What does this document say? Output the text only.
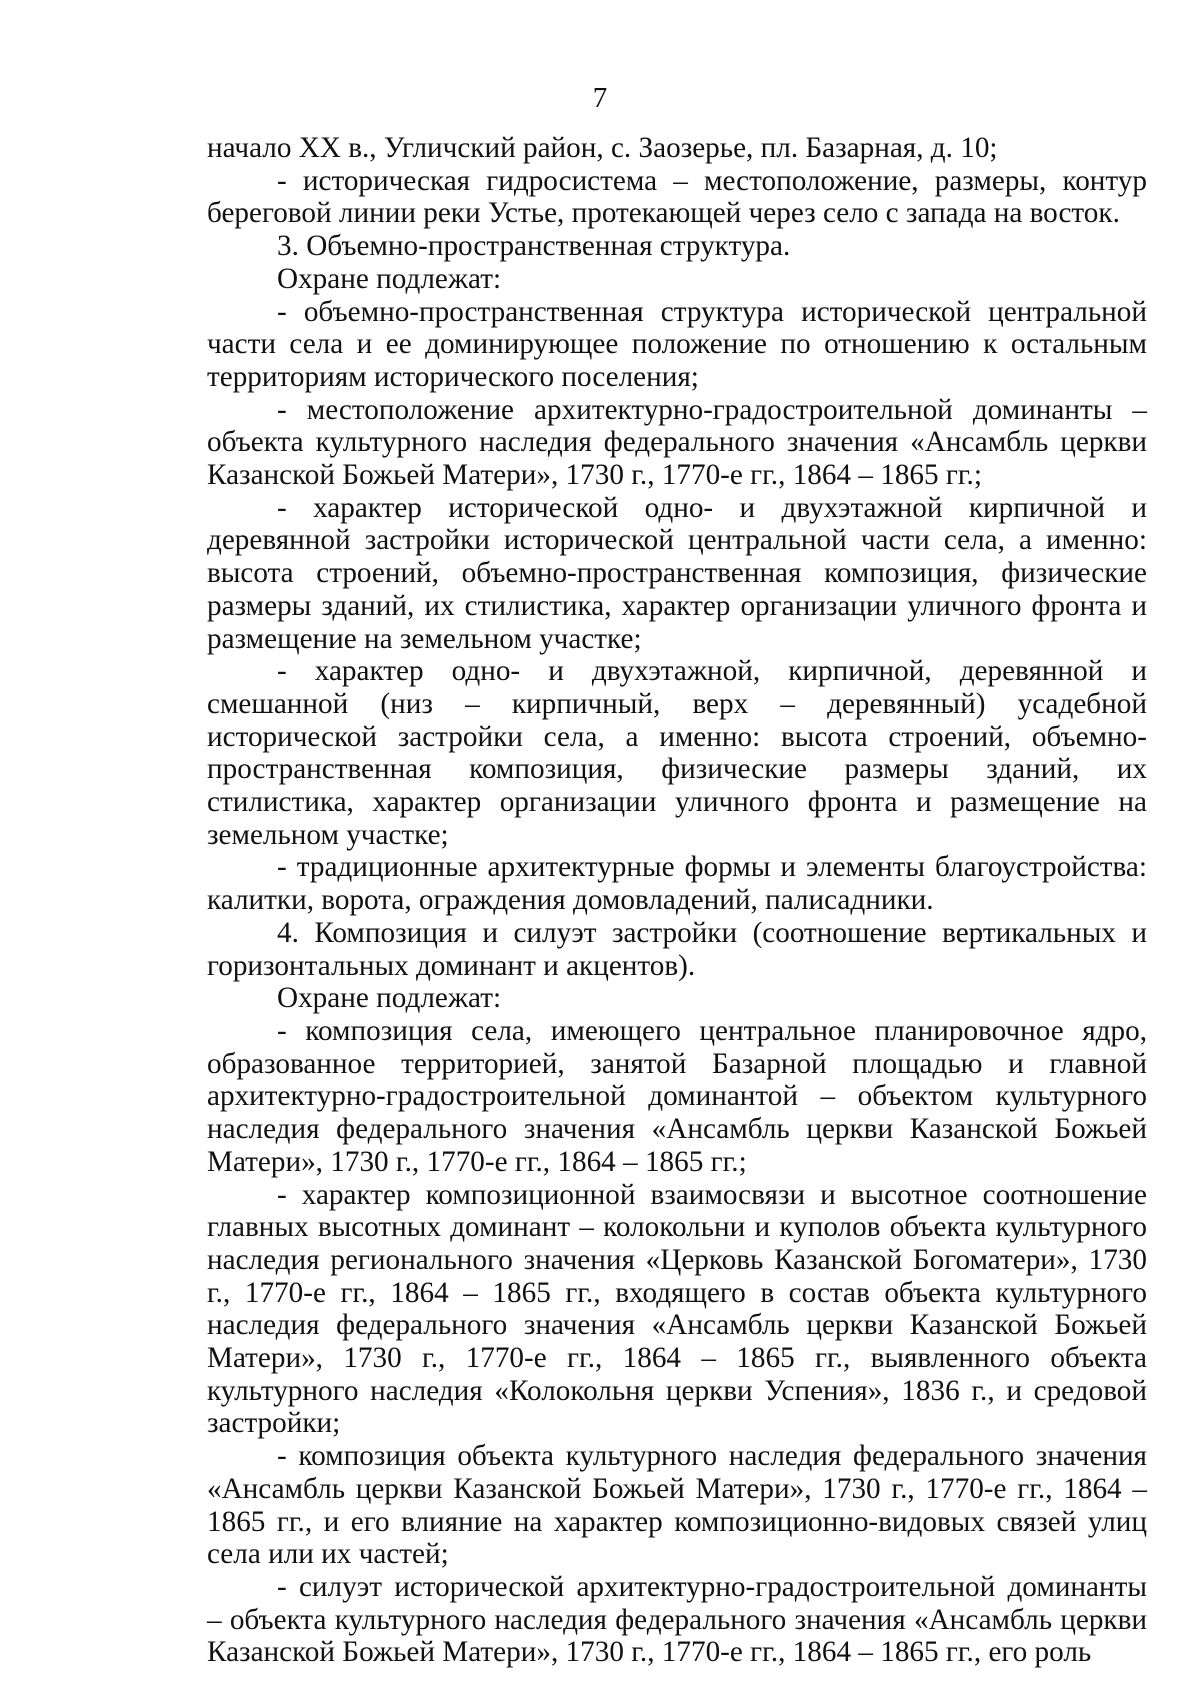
7

начало XX в., Угличский район, с. Заозерье, пл. Базарная, д. 10;

- историческая гидросистема – местоположение, размеры, контур береговой линии реки Устье, протекающей через село с запада на восток.

3. Объемно-пространственная структура.

Охране подлежат:

- объемно-пространственная структура исторической центральной части села и ее доминирующее положение по отношению к остальным территориям исторического поселения;

- местоположение архитектурно-градостроительной доминанты – объекта культурного наследия федерального значения «Ансамбль церкви Казанской Божьей Матери», 1730 г., 1770-е гг., 1864 – 1865 гг.;

- характер исторической одно- и двухэтажной кирпичной и деревянной застройки исторической центральной части села, а именно: высота строений, объемно-пространственная композиция, физические размеры зданий, их стилистика, характер организации уличного фронта и размещение на земельном участке;

- характер одно- и двухэтажной, кирпичной, деревянной и смешанной (низ – кирпичный, верх – деревянный) усадебной исторической застройки села, а именно: высота строений, объемно-пространственная композиция, физические размеры зданий, их стилистика, характер организации уличного фронта и размещение на земельном участке;

- традиционные архитектурные формы и элементы благоустройства: калитки, ворота, ограждения домовладений, палисадники.

4. Композиция и силуэт застройки (соотношение вертикальных и горизонтальных доминант и акцентов).

Охране подлежат:

- композиция села, имеющего центральное планировочное ядро, образованное территорией, занятой Базарной площадью и главной архитектурно-градостроительной доминантой – объектом культурного наследия федерального значения «Ансамбль церкви Казанской Божьей Матери», 1730 г., 1770-е гг., 1864 – 1865 гг.;

- характер композиционной взаимосвязи и высотное соотношение главных высотных доминант – колокольни и куполов объекта культурного наследия регионального значения «Церковь Казанской Богоматери», 1730 г., 1770-е гг., 1864 – 1865 гг., входящего в состав объекта культурного наследия федерального значения «Ансамбль церкви Казанской Божьей Матери», 1730 г., 1770-е гг., 1864 – 1865 гг., выявленного объекта культурного наследия «Колокольня церкви Успения», 1836 г., и средовой застройки;

- композиция объекта культурного наследия федерального значения «Ансамбль церкви Казанской Божьей Матери», 1730 г., 1770-е гг., 1864 – 1865 гг., и его влияние на характер композиционно-видовых связей улиц села или их частей;

- силуэт исторической архитектурно-градостроительной доминанты – объекта культурного наследия федерального значения «Ансамбль церкви Казанской Божьей Матери», 1730 г., 1770-е гг., 1864 – 1865 гг., его роль
